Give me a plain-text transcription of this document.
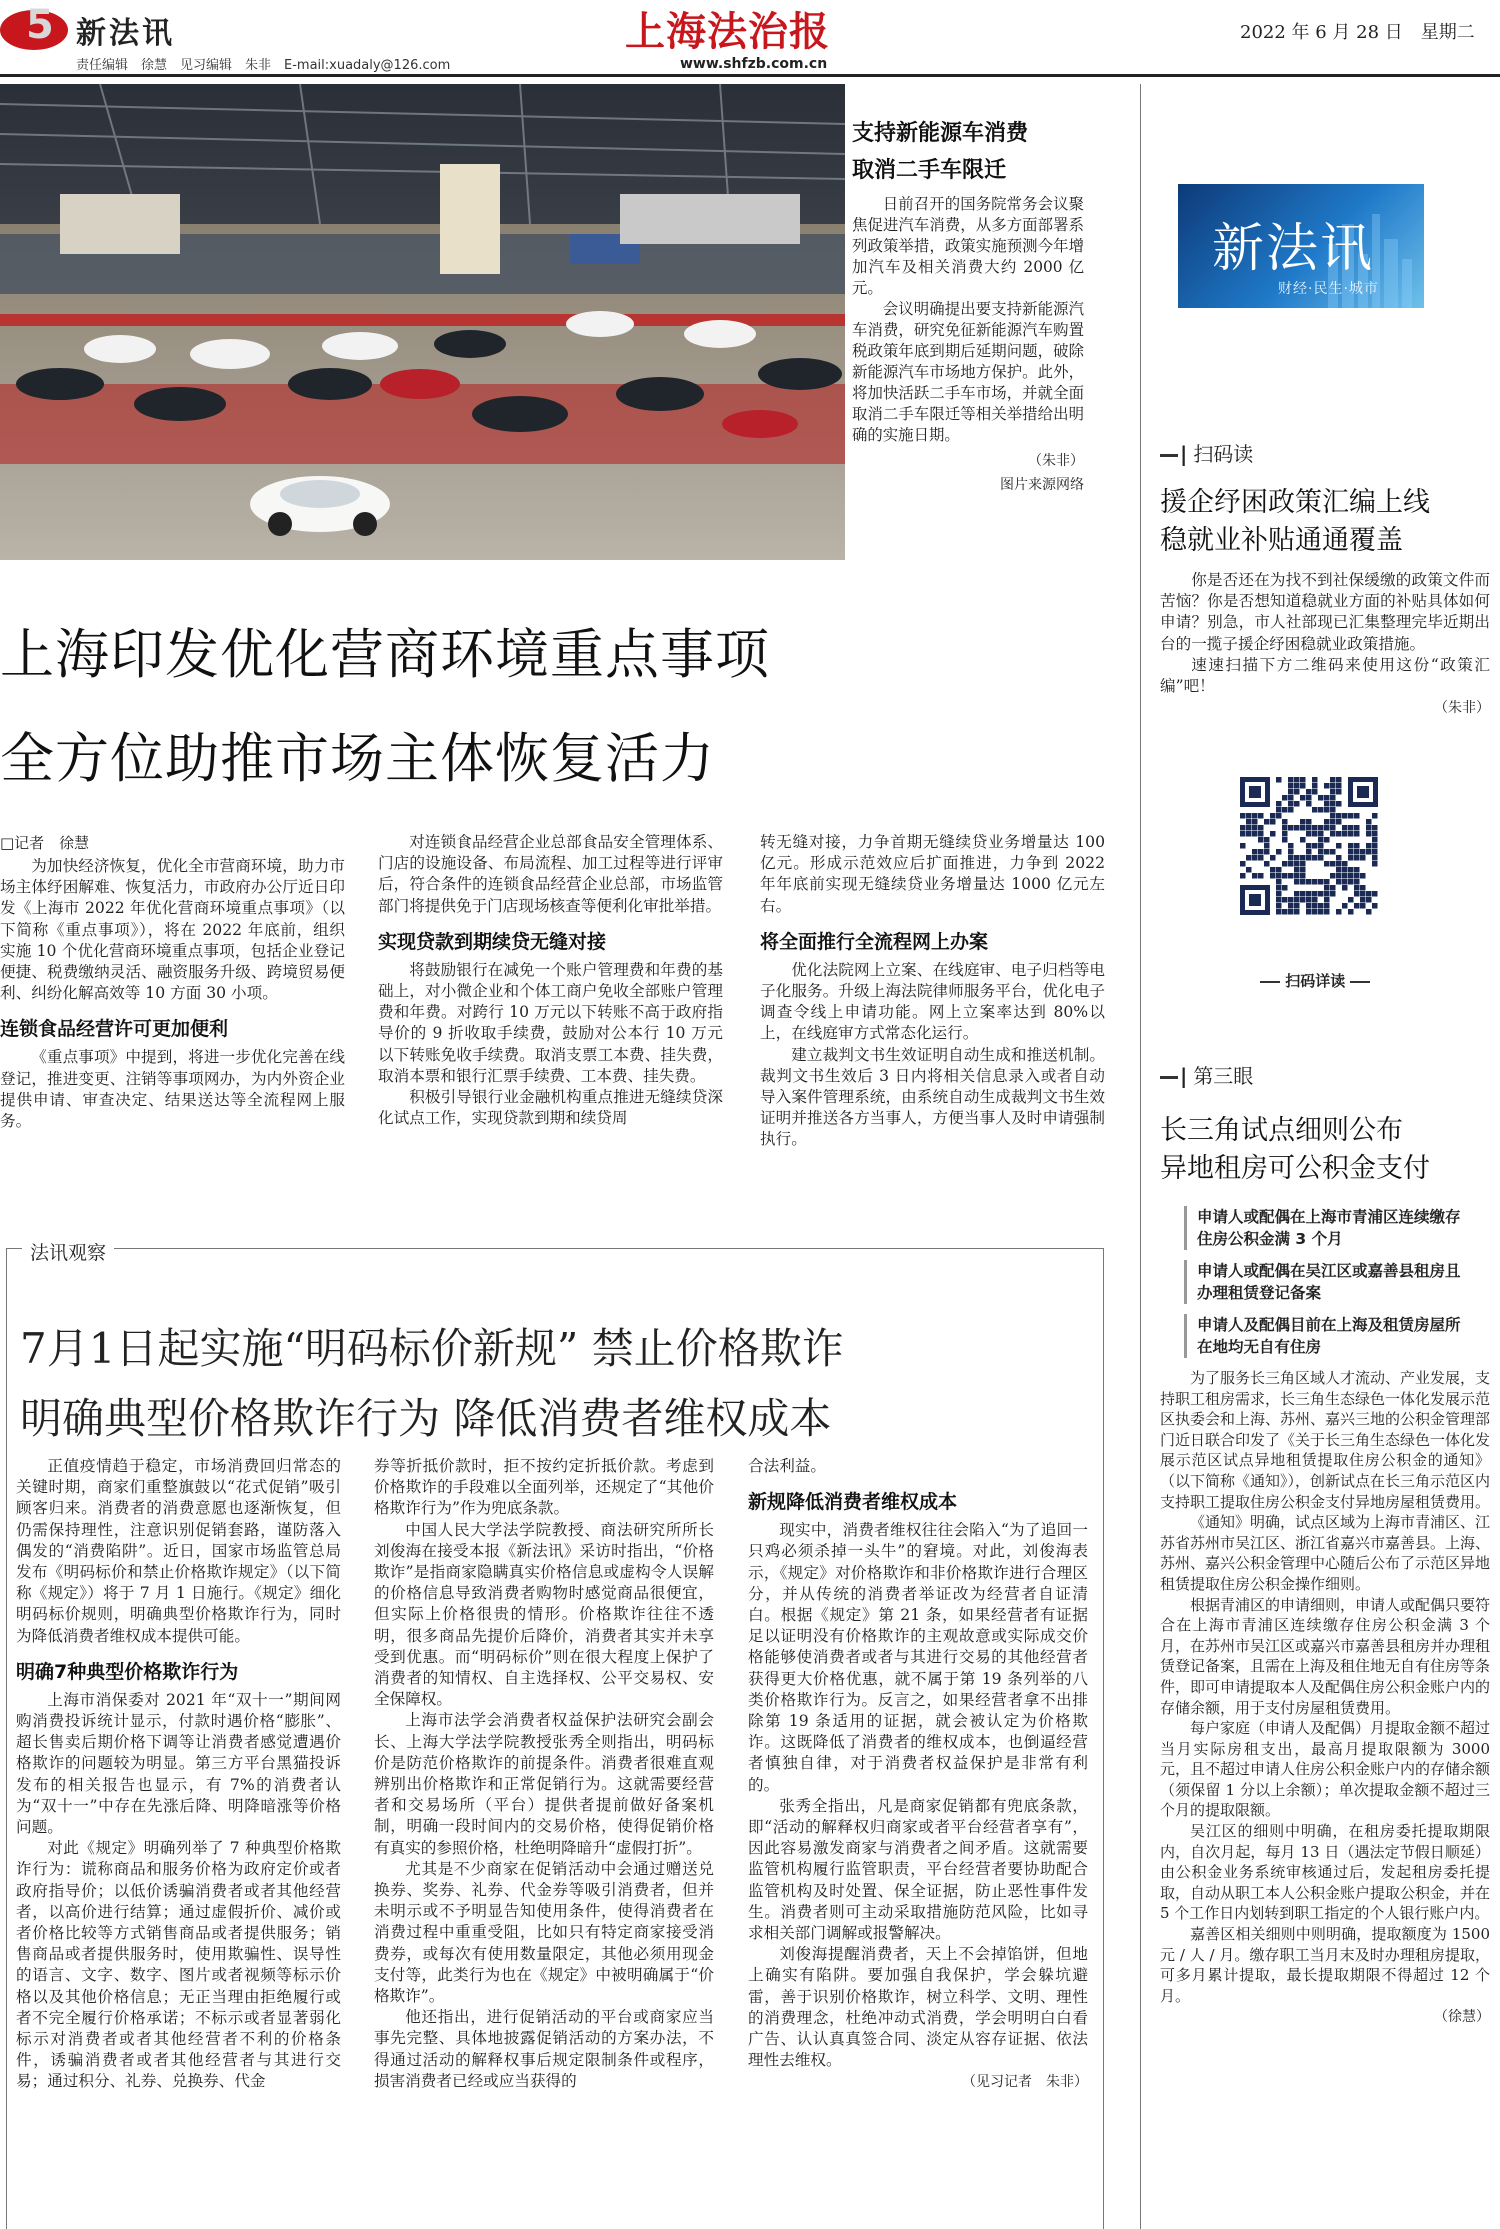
5 新法讯
责任编辑　徐慧　见习编辑　朱非　E-mail:xuadaly@126.com
上海法治报
www.shfzb.com.cn
2022 年 6 月 28 日　星期二
支持新能源车消费
取消二手车限迁

日前召开的国务院常务会议聚焦促进汽车消费，从多方面部署系列政策举措，政策实施预测今年增加汽车及相关消费大约 2000 亿元。

会议明确提出要支持新能源汽车消费，研究免征新能源汽车购置税政策年底到期后延期问题，破除新能源汽车市场地方保护。此外，将加快活跃二手车市场，并就全面取消二手车限迁等相关举措给出明确的实施日期。

（朱非）
图片来源网络
上海印发优化营商环境重点事项
全方位助推市场主体恢复活力
□记者　徐慧

为加快经济恢复，优化全市营商环境，助力市场主体纾困解难、恢复活力，市政府办公厅近日印发《上海市 2022 年优化营商环境重点事项》（以下简称《重点事项》），将在 2022 年底前，组织实施 10 个优化营商环境重点事项，包括企业登记便捷、税费缴纳灵活、融资服务升级、跨境贸易便利、纠纷化解高效等 10 方面 30 小项。

连锁食品经营许可更加便利

《重点事项》中提到，将进一步优化完善在线登记，推进变更、注销等事项网办，为内外资企业提供申请、审查决定、结果送达等全流程网上服务。

对连锁食品经营企业总部食品安全管理体系、门店的设施设备、布局流程、加工过程等进行评审后，符合条件的连锁食品经营企业总部，市场监管部门将提供免于门店现场核查等便利化审批举措。

实现贷款到期续贷无缝对接

将鼓励银行在减免一个账户管理费和年费的基础上，对小微企业和个体工商户免收全部账户管理费和年费。对跨行 10 万元以下转账不高于政府指导价的 9 折收取手续费，鼓励对公本行 10 万元以下转账免收手续费。取消支票工本费、挂失费，取消本票和银行汇票手续费、工本费、挂失费。

积极引导银行业金融机构重点推进无缝续贷深化试点工作，实现贷款到期和续贷周

转无缝对接，力争首期无缝续贷业务增量达 100 亿元。形成示范效应后扩面推进，力争到 2022 年年底前实现无缝续贷业务增量达 1000 亿元左右。

将全面推行全流程网上办案

优化法院网上立案、在线庭审、电子归档等电子化服务。升级上海法院律师服务平台，优化电子调查令线上申请功能。网上立案率达到 80%以上，在线庭审方式常态化运行。

建立裁判文书生效证明自动生成和推送机制。裁判文书生效后 3 日内将相关信息录入或者自动导入案件管理系统，由系统自动生成裁判文书生效证明并推送各方当事人，方便当事人及时申请强制执行。

法讯观察
7月1日起实施“明码标价新规” 禁止价格欺诈
明确典型价格欺诈行为 降低消费者维权成本

正值疫情趋于稳定，市场消费回归常态的关键时期，商家们重整旗鼓以“花式促销”吸引顾客归来。消费者的消费意愿也逐渐恢复，但仍需保持理性，注意识别促销套路，谨防落入偶发的“消费陷阱”。近日，国家市场监管总局发布《明码标价和禁止价格欺诈规定》（以下简称《规定》）将于 7 月 1 日施行。《规定》细化明码标价规则，明确典型价格欺诈行为，同时为降低消费者维权成本提供可能。

明确7种典型价格欺诈行为

上海市消保委对 2021 年“双十一”期间网购消费投诉统计显示，付款时遇价格“膨胀”、超长售卖后期价格下调等让消费者感觉遭遇价格欺诈的问题较为明显。第三方平台黑猫投诉发布的相关报告也显示，有 7%的消费者认为“双十一”中存在先涨后降、明降暗涨等价格问题。

对此《规定》明确列举了 7 种典型价格欺诈行为：谎称商品和服务价格为政府定价或者政府指导价；以低价诱骗消费者或者其他经营者，以高价进行结算；通过虚假折价、减价或者价格比较等方式销售商品或者提供服务；销售商品或者提供服务时，使用欺骗性、误导性的语言、文字、数字、图片或者视频等标示价格以及其他价格信息；无正当理由拒绝履行或者不完全履行价格承诺；不标示或者显著弱化标示对消费者或者其他经营者不利的价格条件，诱骗消费者或者其他经营者与其进行交易；通过积分、礼券、兑换券、代金

券等折抵价款时，拒不按约定折抵价款。考虑到价格欺诈的手段难以全面列举，还规定了“其他价格欺诈行为”作为兜底条款。

中国人民大学法学院教授、商法研究所所长刘俊海在接受本报《新法讯》采访时指出，“价格欺诈”是指商家隐瞒真实价格信息或虚构令人误解的价格信息导致消费者购物时感觉商品很便宜，但实际上价格很贵的情形。价格欺诈往往不透明，很多商品先提价后降价，消费者其实并未享受到优惠。而“明码标价”则在很大程度上保护了消费者的知情权、自主选择权、公平交易权、安全保障权。

上海市法学会消费者权益保护法研究会副会长、上海大学法学院教授张秀全则指出，明码标价是防范价格欺诈的前提条件。消费者很难直观辨别出价格欺诈和正常促销行为。这就需要经营者和交易场所（平台）提供者提前做好备案机制，明确一段时间内的交易价格，使得促销价格有真实的参照价格，杜绝明降暗升“虚假打折”。

尤其是不少商家在促销活动中会通过赠送兑换券、奖券、礼券、代金券等吸引消费者，但并未明示或不予明显告知使用条件，使得消费者在消费过程中重重受阻，比如只有特定商家接受消费券，或每次有使用数量限定，其他必须用现金支付等，此类行为也在《规定》中被明确属于“价格欺诈”。

他还指出，进行促销活动的平台或商家应当事先完整、具体地披露促销活动的方案办法，不得通过活动的解释权事后规定限制条件或程序，损害消费者已经或应当获得的

合法利益。

新规降低消费者维权成本

现实中，消费者维权往往会陷入“为了追回一只鸡必须杀掉一头牛”的窘境。对此，刘俊海表示，《规定》对价格欺诈和非价格欺诈进行合理区分，并从传统的消费者举证改为经营者自证清白。根据《规定》第 21 条，如果经营者有证据足以证明没有价格欺诈的主观故意或实际成交价格能够使消费者或者与其进行交易的其他经营者获得更大价格优惠，就不属于第 19 条列举的八类价格欺诈行为。反言之，如果经营者拿不出排除第 19 条适用的证据，就会被认定为价格欺诈。这既降低了消费者的维权成本，也倒逼经营者慎独自律，对于消费者权益保护是非常有利的。

张秀全指出，凡是商家促销都有兜底条款，即“活动的解释权归商家或者平台经营者享有”，因此容易激发商家与消费者之间矛盾。这就需要监管机构履行监管职责，平台经营者要协助配合监管机构及时处置、保全证据，防止恶性事件发生。消费者则可主动采取措施防范风险，比如寻求相关部门调解或报警解决。

刘俊海提醒消费者，天上不会掉馅饼，但地上确实有陷阱。要加强自我保护，学会躲坑避雷，善于识别价格欺诈，树立科学、文明、理性的消费理念，杜绝冲动式消费，学会明明白白看广告、认认真真签合同、淡定从容存证据、依法理性去维权。

（见习记者　朱非）
新法讯
财经·民生·城市
| 扫码读
援企纾困政策汇编上线
稳就业补贴通通覆盖

你是否还在为找不到社保缓缴的政策文件而苦恼？你是否想知道稳就业方面的补贴具体如何申请？别急，市人社部现已汇集整理完毕近期出台的一揽子援企纾困稳就业政策措施。

速速扫描下方二维码来使用这份“政策汇编”吧！

（朱非）
扫码详读
| 第三眼
长三角试点细则公布
异地租房可公积金支付
申请人或配偶在上海市青浦区连续缴存住房公积金满 3 个月
申请人或配偶在吴江区或嘉善县租房且办理租赁登记备案
申请人及配偶目前在上海及租赁房屋所在地均无自有住房

为了服务长三角区域人才流动、产业发展，支持职工租房需求，长三角生态绿色一体化发展示范区执委会和上海、苏州、嘉兴三地的公积金管理部门近日联合印发了《关于长三角生态绿色一体化发展示范区试点异地租赁提取住房公积金的通知》（以下简称《通知》），创新试点在长三角示范区内支持职工提取住房公积金支付异地房屋租赁费用。

《通知》明确，试点区域为上海市青浦区、江苏省苏州市吴江区、浙江省嘉兴市嘉善县。上海、苏州、嘉兴公积金管理中心随后公布了示范区异地租赁提取住房公积金操作细则。

根据青浦区的申请细则，申请人或配偶只要符合在上海市青浦区连续缴存住房公积金满 3 个月，在苏州市吴江区或嘉兴市嘉善县租房并办理租赁登记备案，且需在上海及租住地无自有住房等条件，即可申请提取本人及配偶住房公积金账户内的存储余额，用于支付房屋租赁费用。

每户家庭（申请人及配偶）月提取金额不超过当月实际房租支出，最高月提取限额为 3000 元，且不超过申请人住房公积金账户内的存储余额（须保留 1 分以上余额）；单次提取金额不超过三个月的提取限额。

吴江区的细则中明确，在租房委托提取期限内，自次月起，每月 13 日（遇法定节假日顺延）由公积金业务系统审核通过后，发起租房委托提取，自动从职工本人公积金账户提取公积金，并在 5 个工作日内划转到职工指定的个人银行账户内。

嘉善区相关细则中则明确，提取额度为 1500 元 / 人 / 月。缴存职工当月末及时办理租房提取，可多月累计提取，最长提取期限不得超过 12 个月。

（徐慧）
